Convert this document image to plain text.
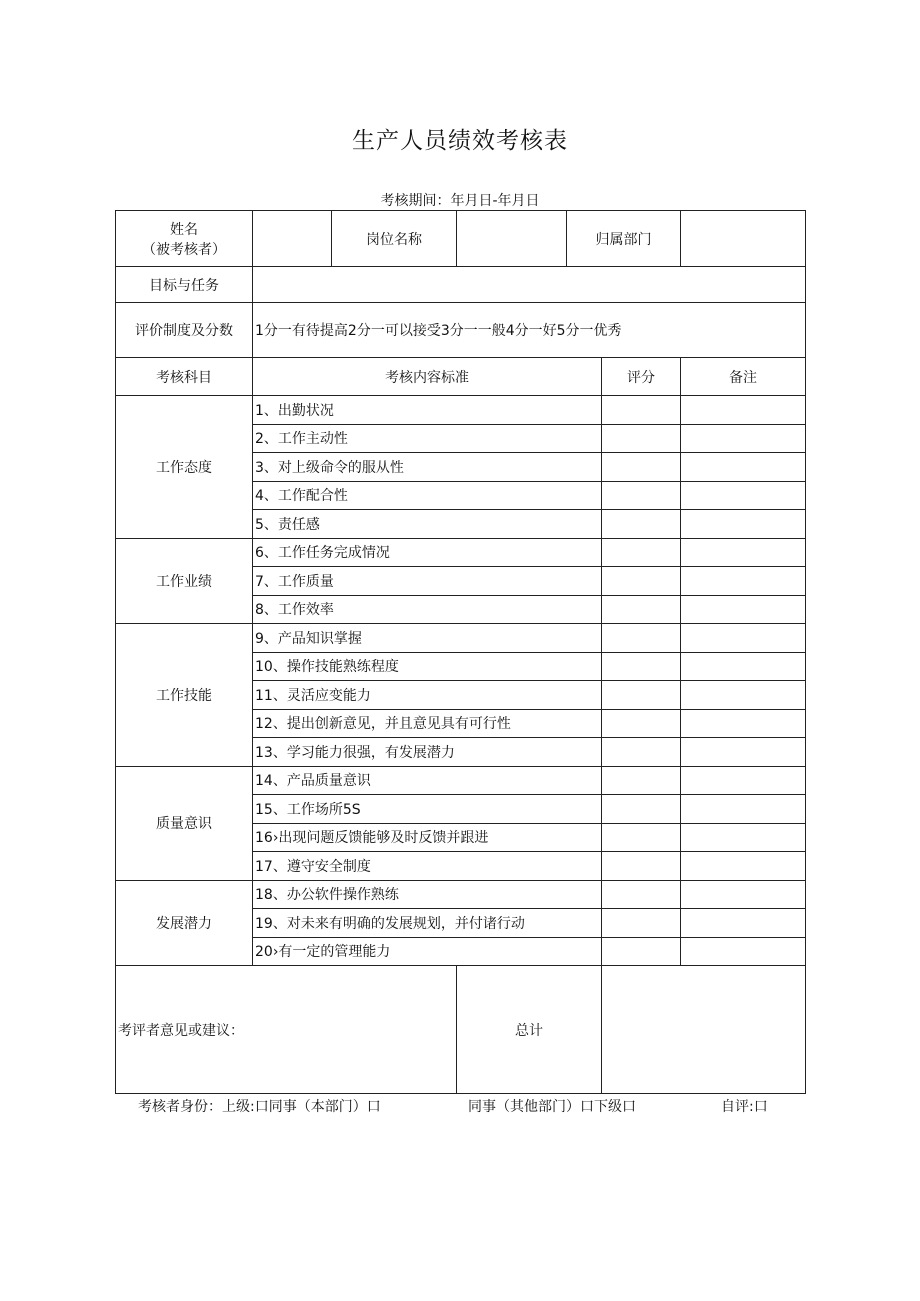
生产人员绩效考核表
考核期间：年月日-年月日
姓名
（被考核者）		岗位名称		归属部门		
目标与任务						
评价制度及分数	1分一有待提高2分一可以接受3分一一般4分一好5分一优秀					
考核科目	考核内容标准				评分	备注
工作态度	1、出勤状况					
	2、工作主动性					
	3、对上级命令的服从性					
	4、工作配合性					
	5、责任感					
工作业绩	6、工作任务完成情况					
	7、工作质量					
	8、工作效率					
工作技能	9、产品知识掌握					
	10、操作技能熟练程度					
	11、灵活应变能力					
	12、提出创新意见，并且意见具有可行性					
	13、学习能力很强，有发展潜力					
质量意识	14、产品质量意识					
	15、工作场所5S					
	16›出现问题反馈能够及时反馈并跟进					
	17、遵守安全制度					
发展潜力	18、办公软件操作熟练					
	19、对未来有明确的发展规划，并付诸行动					
	20›有一定的管理能力					
考评者意见或建议：			总计			
考核者身份：上级:口同事（本部门）口	同事（其他部门）口下级口	自评:口
